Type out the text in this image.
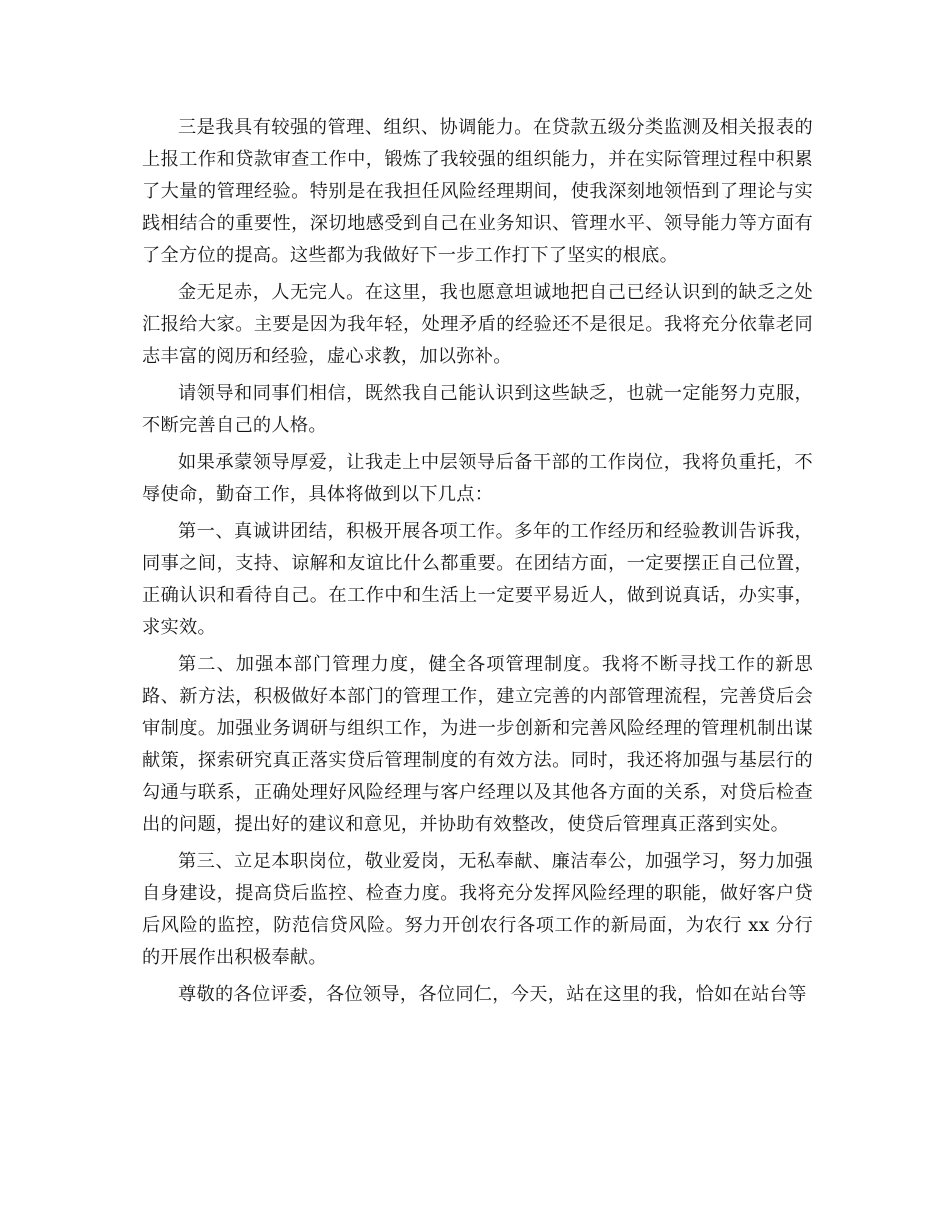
三是我具有较强的管理、组织、协调能力。在贷款五级分类监测及相关报表的上报工作和贷款审查工作中，锻炼了我较强的组织能力，并在实际管理过程中积累了大量的管理经验。特别是在我担任风险经理期间，使我深刻地领悟到了理论与实践相结合的重要性，深切地感受到自己在业务知识、管理水平、领导能力等方面有了全方位的提高。这些都为我做好下一步工作打下了坚实的根底。

金无足赤，人无完人。在这里，我也愿意坦诚地把自己已经认识到的缺乏之处汇报给大家。主要是因为我年轻，处理矛盾的经验还不是很足。我将充分依靠老同志丰富的阅历和经验，虚心求教，加以弥补。

请领导和同事们相信，既然我自己能认识到这些缺乏，也就一定能努力克服，不断完善自己的人格。

如果承蒙领导厚爱，让我走上中层领导后备干部的工作岗位，我将负重托，不辱使命，勤奋工作，具体将做到以下几点：

第一、真诚讲团结，积极开展各项工作。多年的工作经历和经验教训告诉我，同事之间，支持、谅解和友谊比什么都重要。在团结方面，一定要摆正自己位置，正确认识和看待自己。在工作中和生活上一定要平易近人，做到说真话，办实事，求实效。

第二、加强本部门管理力度，健全各项管理制度。我将不断寻找工作的新思路、新方法，积极做好本部门的管理工作，建立完善的内部管理流程，完善贷后会审制度。加强业务调研与组织工作，为进一步创新和完善风险经理的管理机制出谋献策，探索研究真正落实贷后管理制度的有效方法。同时，我还将加强与基层行的勾通与联系，正确处理好风险经理与客户经理以及其他各方面的关系，对贷后检查出的问题，提出好的建议和意见，并协助有效整改，使贷后管理真正落到实处。

第三、立足本职岗位，敬业爱岗，无私奉献、廉洁奉公，加强学习，努力加强自身建设，提高贷后监控、检查力度。我将充分发挥风险经理的职能，做好客户贷后风险的监控，防范信贷风险。努力开创农行各项工作的新局面，为农行 xx 分行的开展作出积极奉献。

尊敬的各位评委，各位领导，各位同仁，今天，站在这里的我，恰如在站台等
